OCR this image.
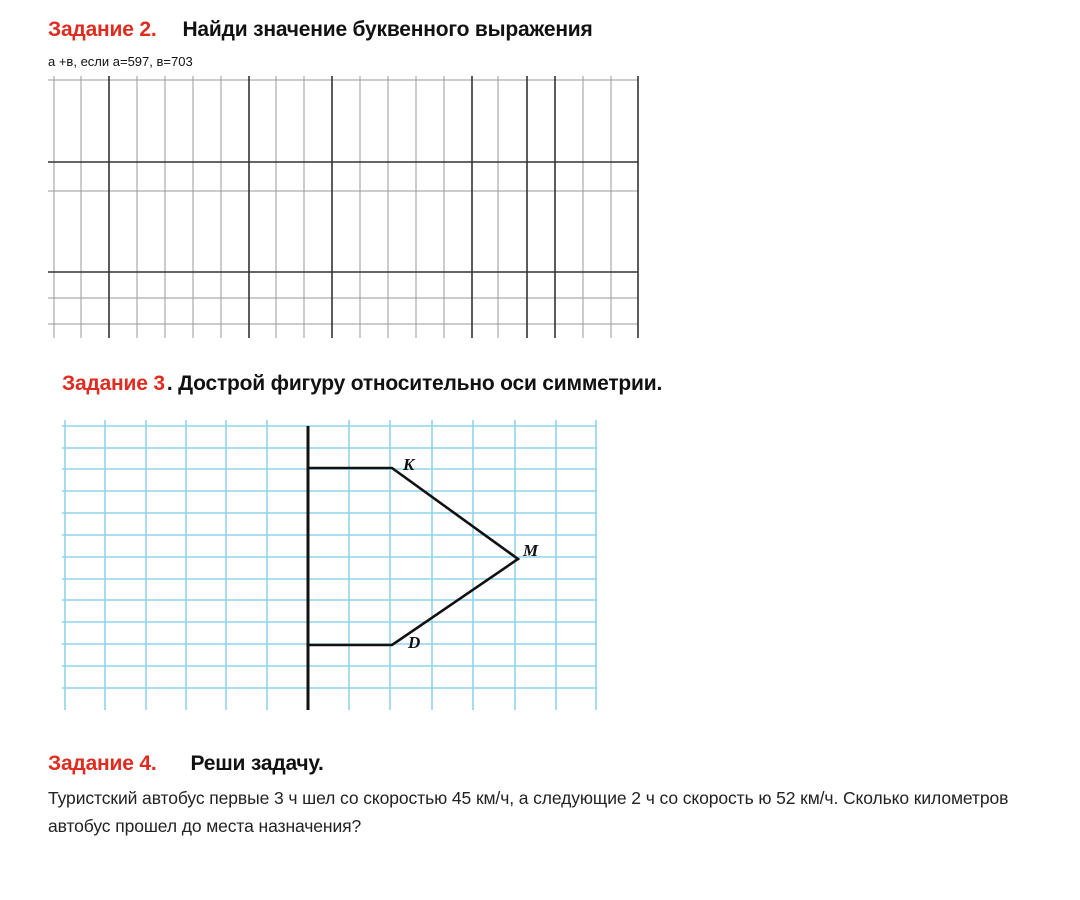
Задание 2. Найди значение буквенного выражения
а +в, если а=597, в=703
Задание 3. Дострой фигуру относительно оси симметрии.
K
M
D
Задание 4. Реши задачу.
Туристский автобус первые 3 ч шел со скоростью 45 км/ч, а следующие 2 ч со скорость ю 52 км/ч. Сколько километров автобус прошел до места назначения?
